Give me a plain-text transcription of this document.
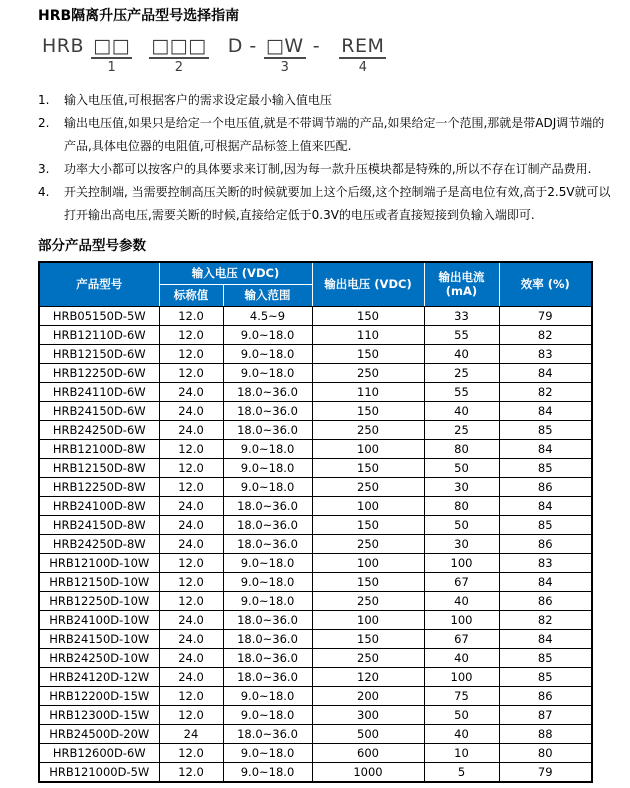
HRB隔离升压产品型号选择指南
HRB
□□
1

□□□
2

D -
□W
3

-
REM
4
1.	输入电压值,可根据客户的需求设定最小输入值电压
2.	输出电压值,如果只是给定一个电压值,就是不带调节端的产品,如果给定一个范围,那就是带ADJ调节端的产品,具体电位器的电阻值,可根据产品标签上值来匹配.
3.	功率大小都可以按客户的具体要求来订制,因为每一款升压模块都是特殊的,所以不存在订制产品费用.
4.	开关控制端, 当需要控制高压关断的时候就要加上这个后缀,这个控制端子是高电位有效,高于2.5V就可以打开输出高电压,需要关断的时候,直接给定低于0.3V的电压或者直接短接到负输入端即可.
部分产品型号参数
产品型号	输入电压 (VDC)		输出电压 (VDC)	输出电流 (mA)	效率 (%)
	标称值	输入范围			
HRB05150D-5W	12.0	4.5~9	150	33	79
HRB12110D-6W	12.0	9.0~18.0	110	55	82
HRB12150D-6W	12.0	9.0~18.0	150	40	83
HRB12250D-6W	12.0	9.0~18.0	250	25	84
HRB24110D-6W	24.0	18.0~36.0	110	55	82
HRB24150D-6W	24.0	18.0~36.0	150	40	84
HRB24250D-6W	24.0	18.0~36.0	250	25	85
HRB12100D-8W	12.0	9.0~18.0	100	80	84
HRB12150D-8W	12.0	9.0~18.0	150	50	85
HRB12250D-8W	12.0	9.0~18.0	250	30	86
HRB24100D-8W	24.0	18.0~36.0	100	80	84
HRB24150D-8W	24.0	18.0~36.0	150	50	85
HRB24250D-8W	24.0	18.0~36.0	250	30	86
HRB12100D-10W	12.0	9.0~18.0	100	100	83
HRB12150D-10W	12.0	9.0~18.0	150	67	84
HRB12250D-10W	12.0	9.0~18.0	250	40	86
HRB24100D-10W	24.0	18.0~36.0	100	100	82
HRB24150D-10W	24.0	18.0~36.0	150	67	84
HRB24250D-10W	24.0	18.0~36.0	250	40	85
HRB24120D-12W	24.0	18.0~36.0	120	100	85
HRB12200D-15W	12.0	9.0~18.0	200	75	86
HRB12300D-15W	12.0	9.0~18.0	300	50	87
HRB24500D-20W	24	18.0~36.0	500	40	88
HRB12600D-6W	12.0	9.0~18.0	600	10	80
HRB121000D-5W	12.0	9.0~18.0	1000	5	79
